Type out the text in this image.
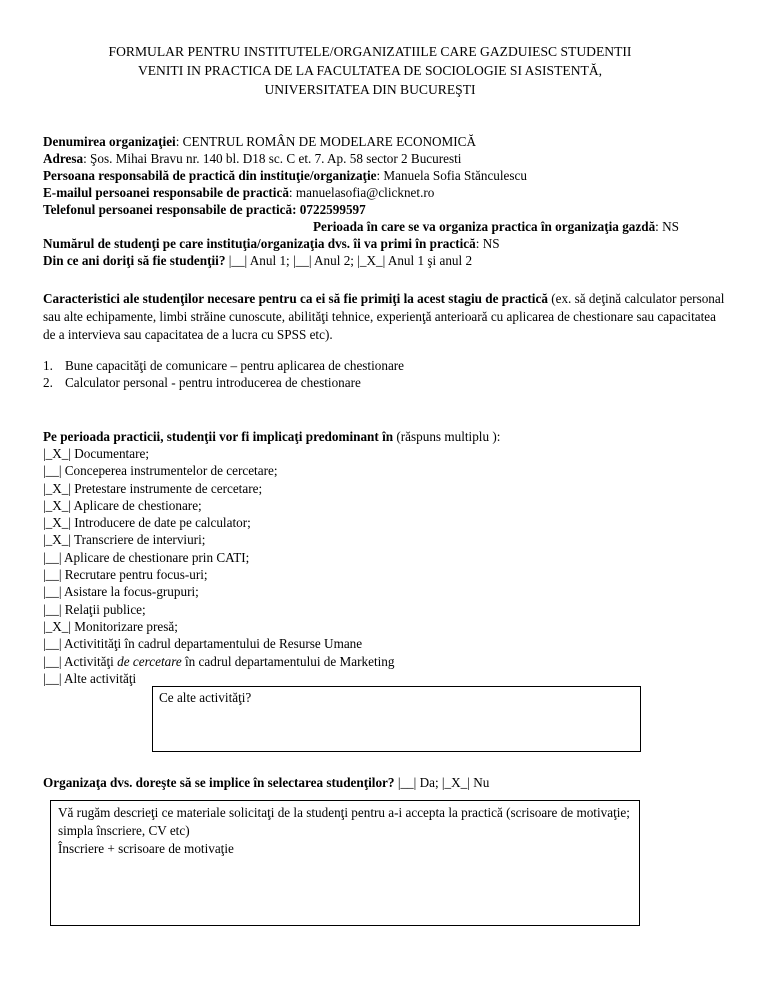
FORMULAR PENTRU INSTITUTELE/ORGANIZATIILE CARE GAZDUIESC STUDENTII
VENITI IN PRACTICA DE LA FACULTATEA DE SOCIOLOGIE SI ASISTENTĂ,
UNIVERSITATEA DIN BUCUREŞTI
Denumirea organizaţiei: CENTRUL ROMÂN DE MODELARE ECONOMICĂ
Adresa: Şos. Mihai Bravu nr. 140 bl. D18 sc. C et. 7. Ap. 58 sector 2 Bucuresti
Persoana responsabilă de practică din instituţie/organizaţie: Manuela Sofia Stănculescu
E-mailul persoanei responsabile de practică: manuelasofia@clicknet.ro
Telefonul persoanei responsabile de practică: 0722599597
Perioada în care se va organiza practica în organizaţia gazdă: NS
Numărul de studenţi pe care instituţia/organizaţia dvs. îi va primi în practică: NS
Din ce ani doriţi să fie studenţii? |__| Anul 1; |__| Anul 2; |_X_| Anul 1 şi anul 2
Caracteristici ale studenţilor necesare pentru ca ei să fie primiţi la acest stagiu de practică (ex. să deţină calculator personal sau alte echipamente, limbi străine cunoscute, abilităţi tehnice, experienţă anterioară cu aplicarea de chestionare sau capacitatea de a intervieva sau capacitatea de a lucra cu SPSS etc).
1. Bune capacităţi de comunicare – pentru aplicarea de chestionare
2. Calculator personal - pentru introducerea de chestionare
Pe perioada practicii, studenţii vor fi implicaţi predominant în (răspuns multiplu ):
|_X_| Documentare;
|__| Conceperea instrumentelor de cercetare;
|_X_| Pretestare instrumente de cercetare;
|_X_| Aplicare de chestionare;
|_X_| Introducere de date pe calculator;
|_X_| Transcriere de interviuri;
|__| Aplicare de chestionare prin CATI;
|__| Recrutare pentru focus-uri;
|__| Asistare la focus-grupuri;
|__| Relaţii publice;
|_X_| Monitorizare presă;
|__| Activitităţi în cadrul departamentului de Resurse Umane
|__| Activităţi de cercetare în cadrul departamentului de Marketing
|__| Alte activităţi
Ce alte activităţi?
Organizaţa dvs. doreşte să se implice în selectarea studenţilor? |__| Da; |_X_| Nu
Vă rugăm descrieţi ce materiale solicitaţi de la studenţi pentru a-i accepta la practică (scrisoare de motivaţie; simpla înscriere, CV etc)
Înscriere + scrisoare de motivaţie
